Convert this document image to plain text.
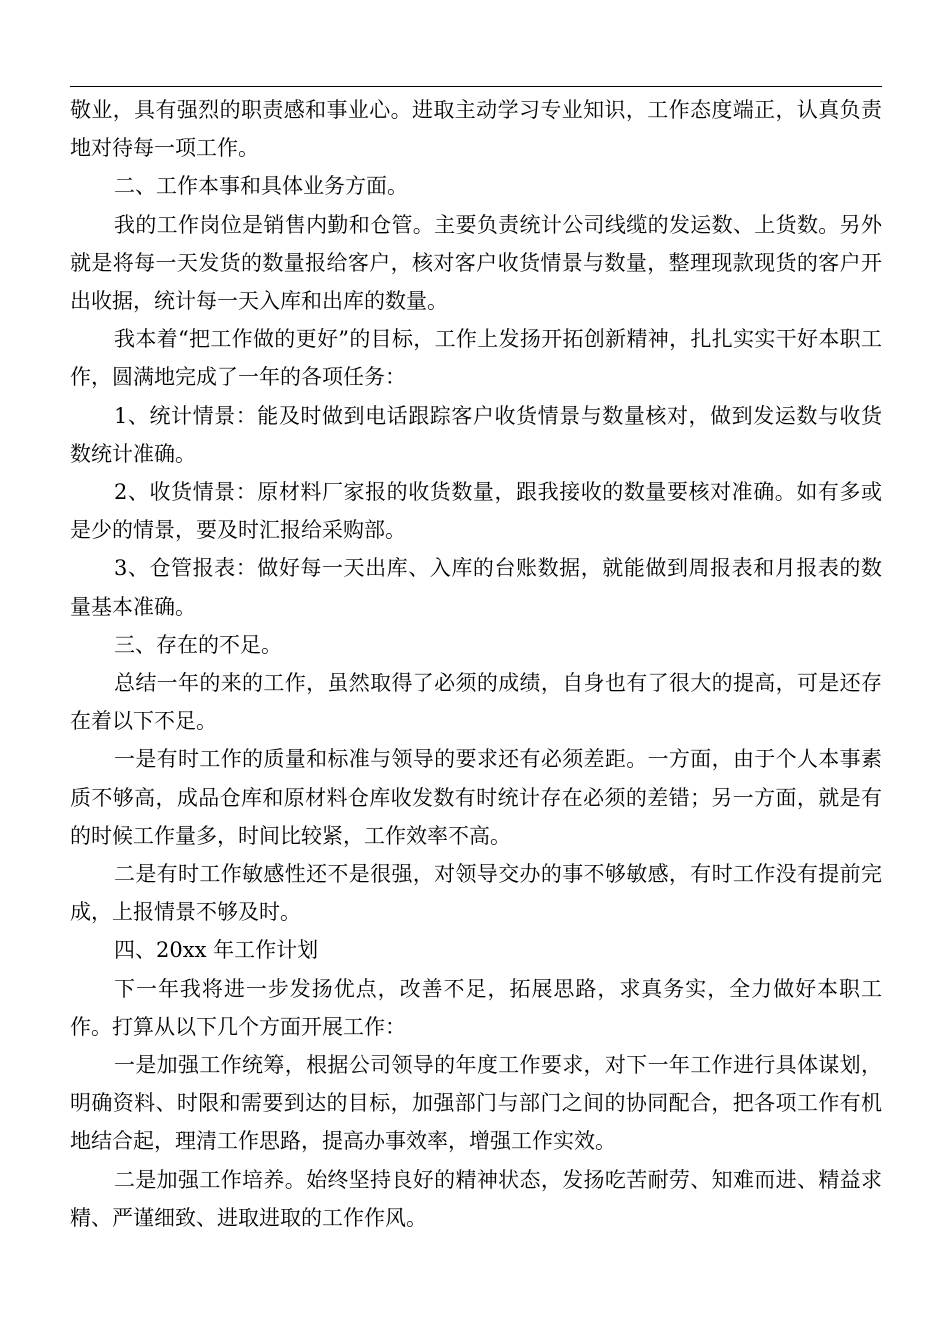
敬业，具有强烈的职责感和事业心。进取主动学习专业知识，工作态度端正，认真负责地对待每一项工作。

二、工作本事和具体业务方面。

我的工作岗位是销售内勤和仓管。主要负责统计公司线缆的发运数、上货数。另外就是将每一天发货的数量报给客户，核对客户收货情景与数量，整理现款现货的客户开出收据，统计每一天入库和出库的数量。

我本着“把工作做的更好”的目标，工作上发扬开拓创新精神，扎扎实实干好本职工作，圆满地完成了一年的各项任务：

1、统计情景：能及时做到电话跟踪客户收货情景与数量核对，做到发运数与收货数统计准确。

2、收货情景：原材料厂家报的收货数量，跟我接收的数量要核对准确。如有多或是少的情景，要及时汇报给采购部。

3、仓管报表：做好每一天出库、入库的台账数据，就能做到周报表和月报表的数量基本准确。

三、存在的不足。

总结一年的来的工作，虽然取得了必须的成绩，自身也有了很大的提高，可是还存在着以下不足。

一是有时工作的质量和标准与领导的要求还有必须差距。一方面，由于个人本事素质不够高，成品仓库和原材料仓库收发数有时统计存在必须的差错；另一方面，就是有的时候工作量多，时间比较紧，工作效率不高。

二是有时工作敏感性还不是很强，对领导交办的事不够敏感，有时工作没有提前完成，上报情景不够及时。

四、20xx 年工作计划

下一年我将进一步发扬优点，改善不足，拓展思路，求真务实，全力做好本职工作。打算从以下几个方面开展工作：

一是加强工作统筹，根据公司领导的年度工作要求，对下一年工作进行具体谋划，明确资料、时限和需要到达的目标，加强部门与部门之间的协同配合，把各项工作有机地结合起，理清工作思路，提高办事效率，增强工作实效。

二是加强工作培养。始终坚持良好的精神状态，发扬吃苦耐劳、知难而进、精益求精、严谨细致、进取进取的工作作风。
